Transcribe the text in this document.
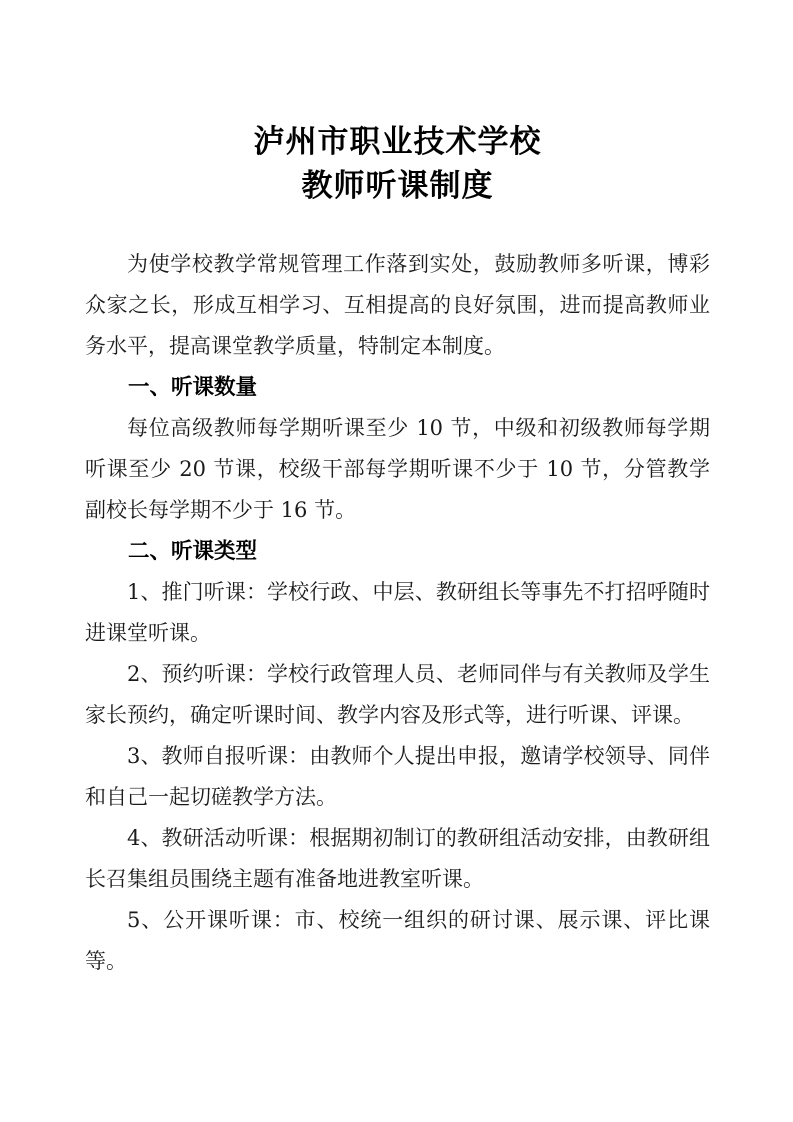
泸州市职业技术学校
教师听课制度

为使学校教学常规管理工作落到实处，鼓励教师多听课，博彩众家之长，形成互相学习、互相提高的良好氛围，进而提高教师业务水平，提高课堂教学质量，特制定本制度。

一、听课数量

每位高级教师每学期听课至少 10 节，中级和初级教师每学期听课至少 20 节课，校级干部每学期听课不少于 10 节，分管教学副校长每学期不少于 16 节。

二、听课类型

1、推门听课：学校行政、中层、教研组长等事先不打招呼随时进课堂听课。

2、预约听课：学校行政管理人员、老师同伴与有关教师及学生家长预约，确定听课时间、教学内容及形式等，进行听课、评课。

3、教师自报听课：由教师个人提出申报，邀请学校领导、同伴和自己一起切磋教学方法。

4、教研活动听课：根据期初制订的教研组活动安排，由教研组长召集组员围绕主题有准备地进教室听课。

5、公开课听课：市、校统一组织的研讨课、展示课、评比课等。
